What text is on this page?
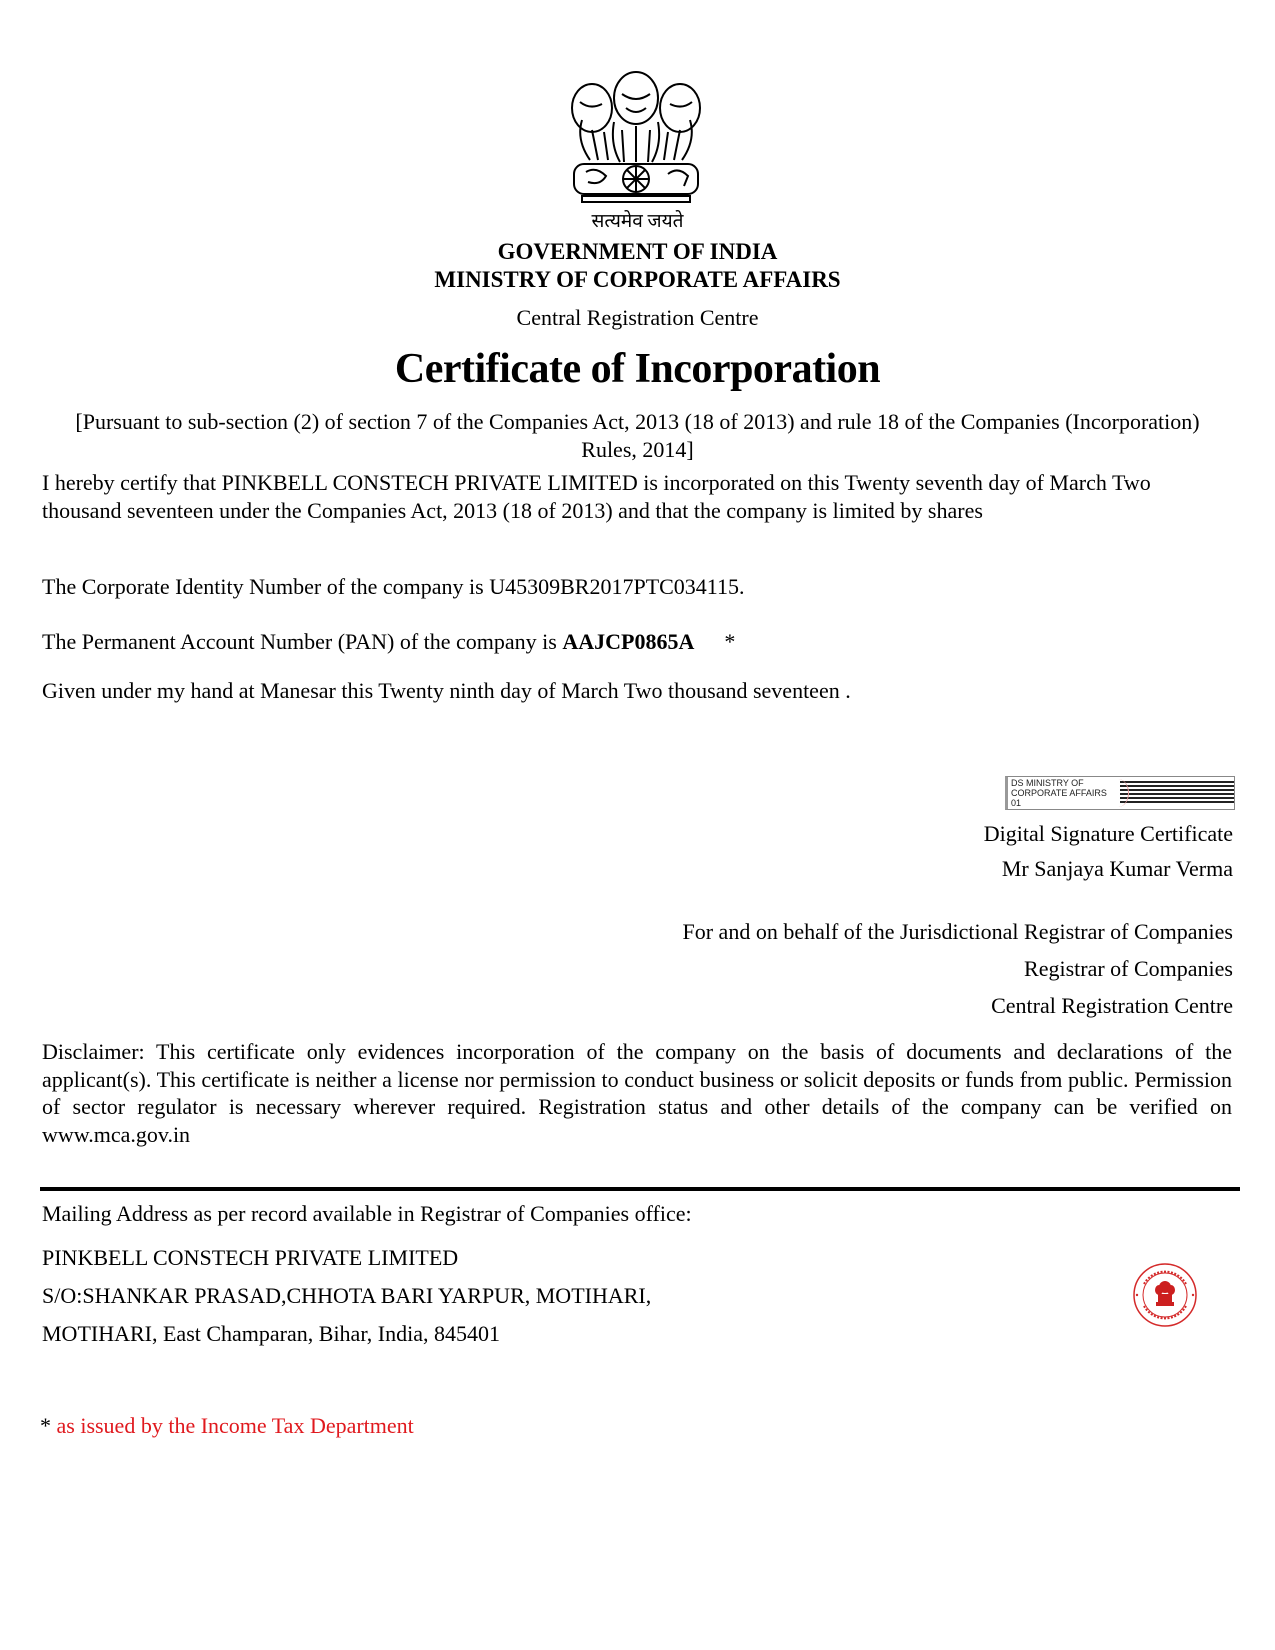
सत्यमेव जयते
GOVERNMENT OF INDIA
MINISTRY OF CORPORATE AFFAIRS
Central Registration Centre
Certificate of Incorporation
[Pursuant to sub-section (2) of section 7 of the Companies Act, 2013 (18 of 2013) and rule 18 of the Companies (Incorporation) Rules, 2014]
I hereby certify that PINKBELL CONSTECH PRIVATE LIMITED is incorporated on this Twenty seventh day of March Two thousand seventeen under the Companies Act, 2013 (18 of 2013) and that the company is limited by shares
The Corporate Identity Number of the company is U45309BR2017PTC034115.
The Permanent Account Number (PAN) of the company is AAJCP0865A *
Given under my hand at Manesar this Twenty ninth day of March Two thousand seventeen .
DS MINISTRY OF CORPORATE AFFAIRS 01
Digital Signature Certificate
Mr Sanjaya Kumar Verma
For and on behalf of the Jurisdictional Registrar of Companies
Registrar of Companies
Central Registration Centre
Disclaimer: This certificate only evidences incorporation of the company on the basis of documents and declarations of the applicant(s). This certificate is neither a license nor permission to conduct business or solicit deposits or funds from public. Permission of sector regulator is necessary wherever required. Registration status and other details of the company can be verified on www.mca.gov.in
Mailing Address as per record available in Registrar of Companies office:
PINKBELL CONSTECH PRIVATE LIMITED
S/O:SHANKAR PRASAD,CHHOTA BARI YARPUR, MOTIHARI,
MOTIHARI, East Champaran, Bihar, India, 845401
* as issued by the Income Tax Department
